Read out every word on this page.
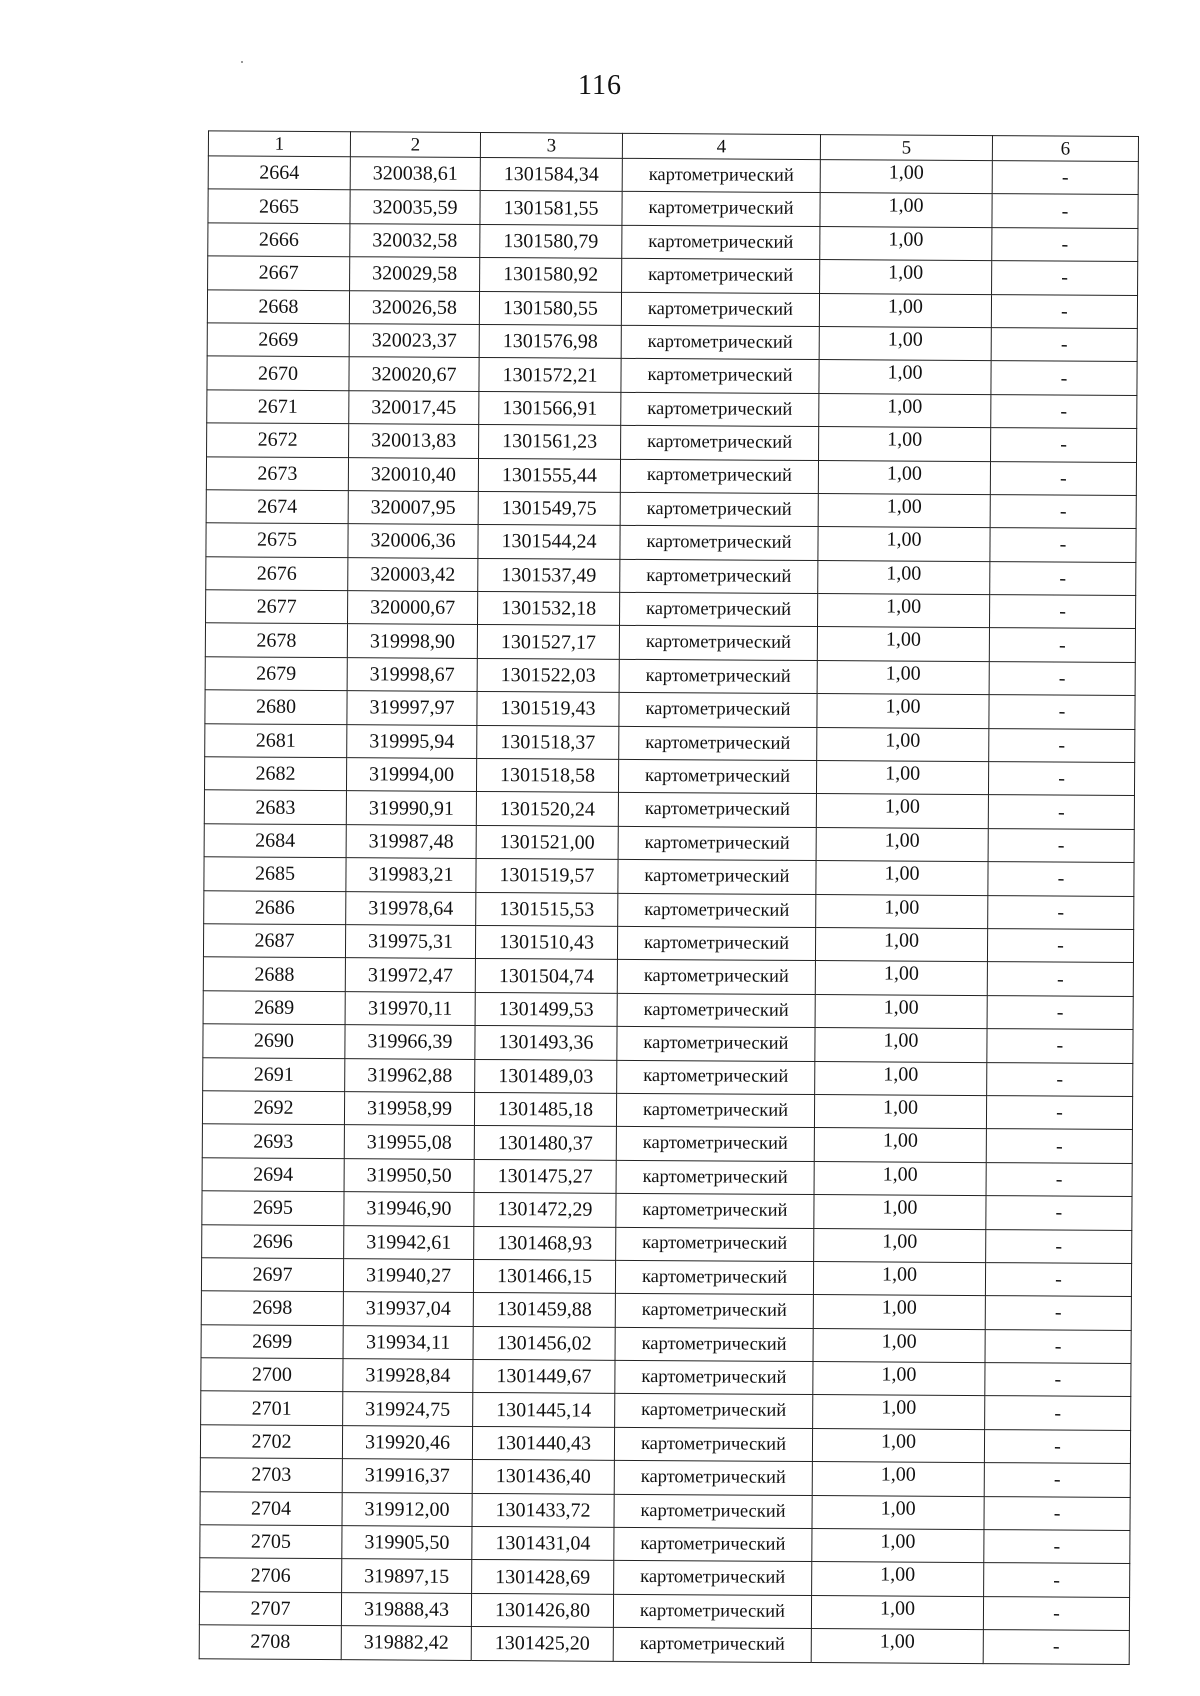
116
1	2	3	4	5	6
2664	320038,61	1301584,34	картометрический	1,00	-
2665	320035,59	1301581,55	картометрический	1,00	-
2666	320032,58	1301580,79	картометрический	1,00	-
2667	320029,58	1301580,92	картометрический	1,00	-
2668	320026,58	1301580,55	картометрический	1,00	-
2669	320023,37	1301576,98	картометрический	1,00	-
2670	320020,67	1301572,21	картометрический	1,00	-
2671	320017,45	1301566,91	картометрический	1,00	-
2672	320013,83	1301561,23	картометрический	1,00	-
2673	320010,40	1301555,44	картометрический	1,00	-
2674	320007,95	1301549,75	картометрический	1,00	-
2675	320006,36	1301544,24	картометрический	1,00	-
2676	320003,42	1301537,49	картометрический	1,00	-
2677	320000,67	1301532,18	картометрический	1,00	-
2678	319998,90	1301527,17	картометрический	1,00	-
2679	319998,67	1301522,03	картометрический	1,00	-
2680	319997,97	1301519,43	картометрический	1,00	-
2681	319995,94	1301518,37	картометрический	1,00	-
2682	319994,00	1301518,58	картометрический	1,00	-
2683	319990,91	1301520,24	картометрический	1,00	-
2684	319987,48	1301521,00	картометрический	1,00	-
2685	319983,21	1301519,57	картометрический	1,00	-
2686	319978,64	1301515,53	картометрический	1,00	-
2687	319975,31	1301510,43	картометрический	1,00	-
2688	319972,47	1301504,74	картометрический	1,00	-
2689	319970,11	1301499,53	картометрический	1,00	-
2690	319966,39	1301493,36	картометрический	1,00	-
2691	319962,88	1301489,03	картометрический	1,00	-
2692	319958,99	1301485,18	картометрический	1,00	-
2693	319955,08	1301480,37	картометрический	1,00	-
2694	319950,50	1301475,27	картометрический	1,00	-
2695	319946,90	1301472,29	картометрический	1,00	-
2696	319942,61	1301468,93	картометрический	1,00	-
2697	319940,27	1301466,15	картометрический	1,00	-
2698	319937,04	1301459,88	картометрический	1,00	-
2699	319934,11	1301456,02	картометрический	1,00	-
2700	319928,84	1301449,67	картометрический	1,00	-
2701	319924,75	1301445,14	картометрический	1,00	-
2702	319920,46	1301440,43	картометрический	1,00	-
2703	319916,37	1301436,40	картометрический	1,00	-
2704	319912,00	1301433,72	картометрический	1,00	-
2705	319905,50	1301431,04	картометрический	1,00	-
2706	319897,15	1301428,69	картометрический	1,00	-
2707	319888,43	1301426,80	картометрический	1,00	-
2708	319882,42	1301425,20	картометрический	1,00	-
